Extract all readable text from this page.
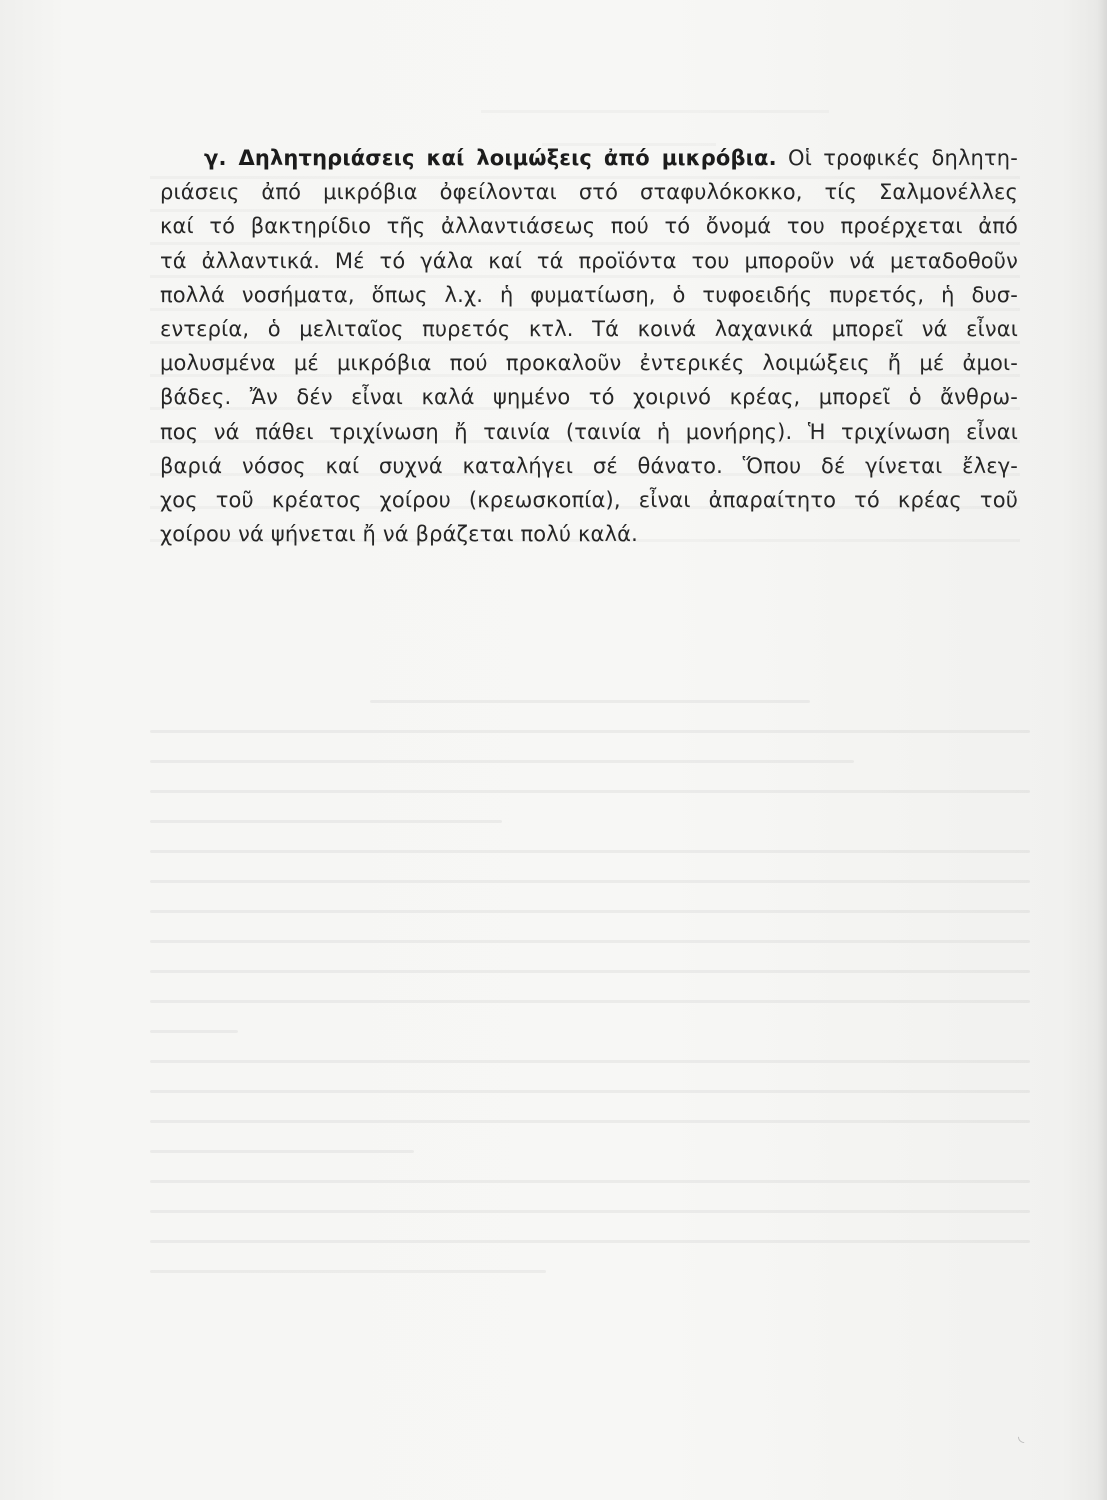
γ. Δηλητηριάσεις καί λοιμώξεις ἀπό μικρόβια. Οἱ τροφικές δηλητη-
ριάσεις ἀπό μικρόβια ὀφείλονται στό σταφυλόκοκκο, τίς Σαλμονέλλες
καί τό βακτηρίδιο τῆς ἀλλαντιάσεως πού τό ὄνομά του προέρχεται ἀπό
τά ἀλλαντικά. Μέ τό γάλα καί τά προϊόντα του μποροῦν νά μεταδοθοῦν
πολλά νοσήματα, ὅπως λ.χ. ἡ φυματίωση, ὁ τυφοειδής πυρετός, ἡ δυσ-
εντερία, ὁ μελιταῖος πυρετός κτλ. Τά κοινά λαχανικά μπορεῖ νά εἶναι
μολυσμένα μέ μικρόβια πού προκαλοῦν ἐντερικές λοιμώξεις ἤ μέ ἀμοι-
βάδες. Ἄν δέν εἶναι καλά ψημένο τό χοιρινό κρέας, μπορεῖ ὁ ἄνθρω-
πος νά πάθει τριχίνωση ἤ ταινία (ταινία ἡ μονήρης). Ἡ τριχίνωση εἶναι
βαριά νόσος καί συχνά καταλήγει σέ θάνατο. Ὅπου δέ γίνεται ἔλεγ-
χος τοῦ κρέατος χοίρου (κρεωσκοπία), εἶναι ἀπαραίτητο τό κρέας τοῦ
χοίρου νά ψήνεται ἤ νά βράζεται πολύ καλά.
◟
